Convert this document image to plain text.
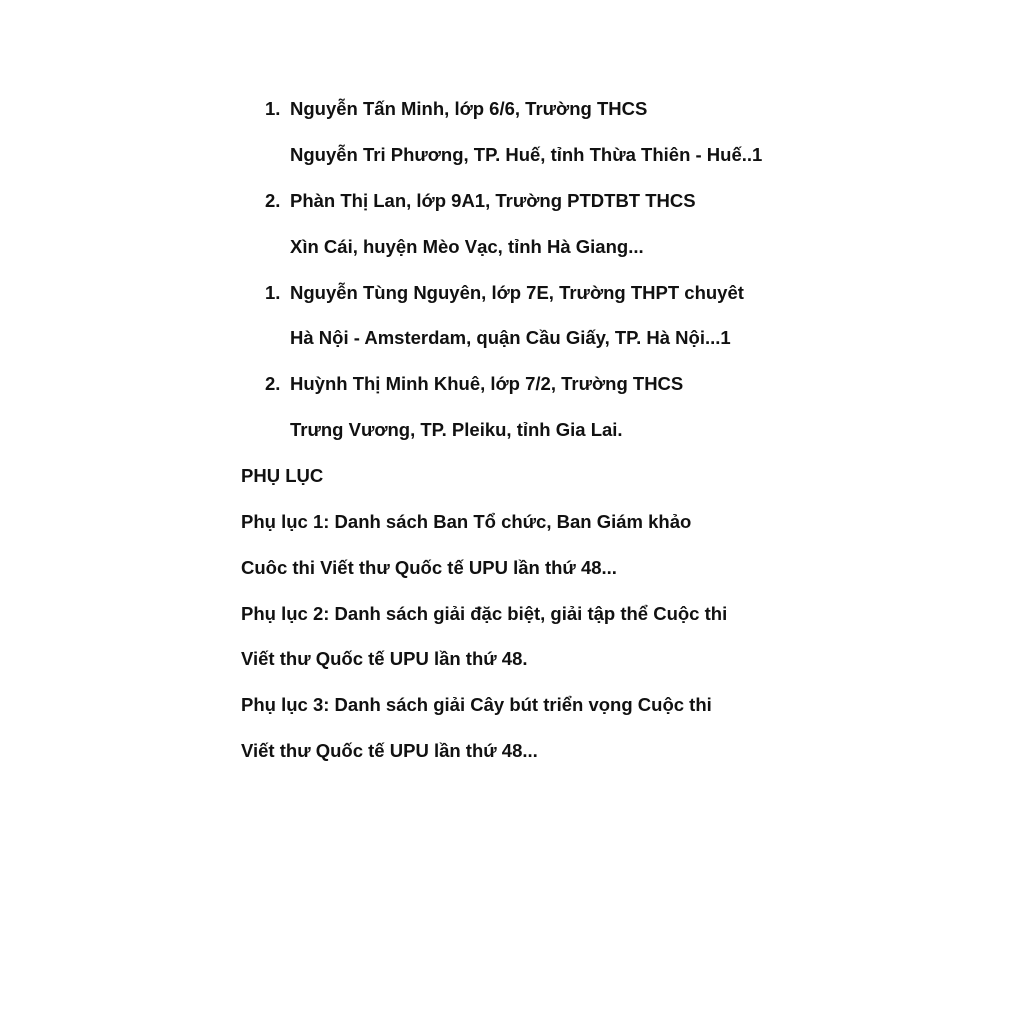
1. Nguyễn Tấn Minh, lớp 6/6, Trường THCS
Nguyễn Tri Phương, TP. Huế, tỉnh Thừa Thiên - Huế..1
2. Phàn Thị Lan, lớp 9A1, Trường PTDTBT THCS
Xìn Cái, huyện Mèo Vạc, tỉnh Hà Giang...
1. Nguyễn Tùng Nguyên, lớp 7E, Trường THPT chuyêt
Hà Nội - Amsterdam, quận Cầu Giấy, TP. Hà Nội...1
2. Huỳnh Thị Minh Khuê, lớp 7/2, Trường THCS
Trưng Vương, TP. Pleiku, tỉnh Gia Lai.
PHỤ LỤC
Phụ lục 1: Danh sách Ban Tổ chức, Ban Giám khảo
Cuôc thi Viết thư Quốc tế UPU lần thứ 48...
Phụ lục 2: Danh sách giải đặc biệt, giải tập thể Cuộc thi
Viết thư Quốc tế UPU lần thứ 48.
Phụ lục 3: Danh sách giải Cây bút triển vọng Cuộc thi
Viết thư Quốc tế UPU lần thứ 48...
